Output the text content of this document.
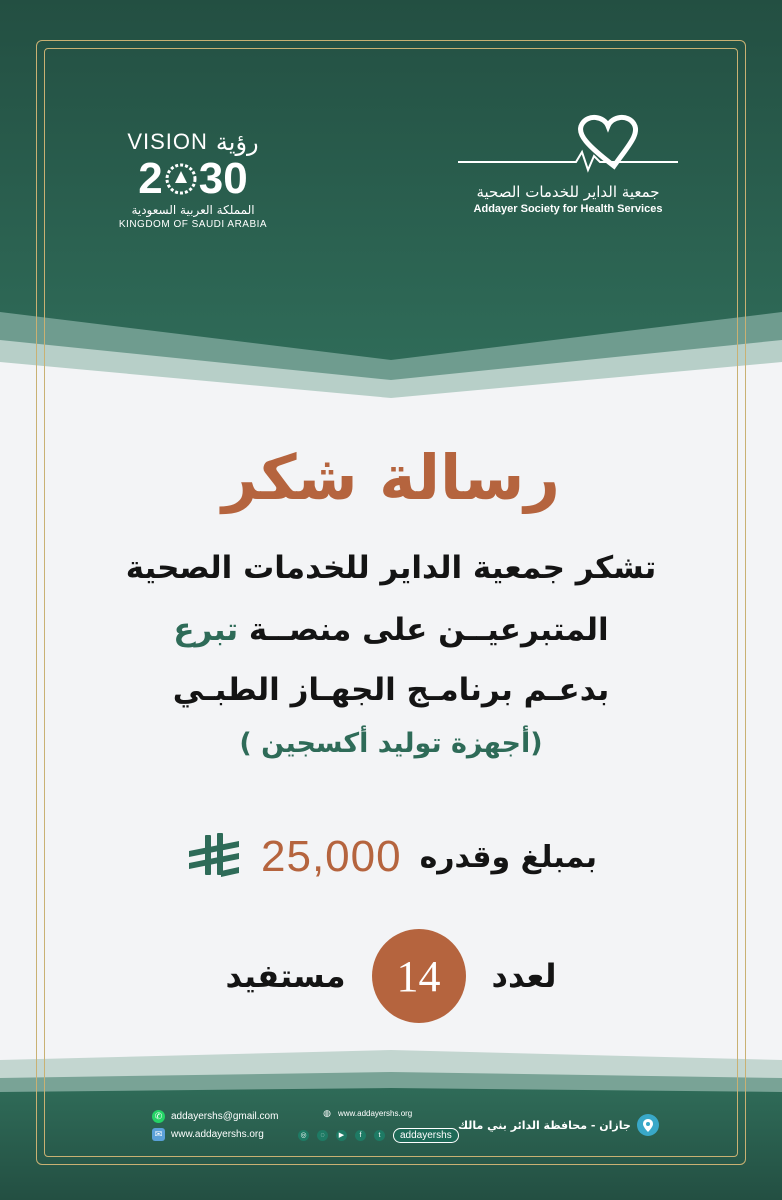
VISION رؤية
2 30
المملكة العربية السعودية
KINGDOM OF SAUDI ARABIA
جمعية الداير للخدمات الصحية
Addayer Society for Health Services
رسالة شكر
تشكر جمعية الداير للخدمات الصحية
المتبرعيــن على منصــة تبرع
بدعـم برنامـج الجهـاز الطبـي
(أجهزة توليد أكسجين )
بمبلغ وقدره
25,000
لعدد
14
مستفيد
✆ addayershs@gmail.com
✉ www.addayershs.org
◍ www.addayershs.org
◎	◌	▶	f	t	addayershs
جازان - محافظة الدائر بني مالك
